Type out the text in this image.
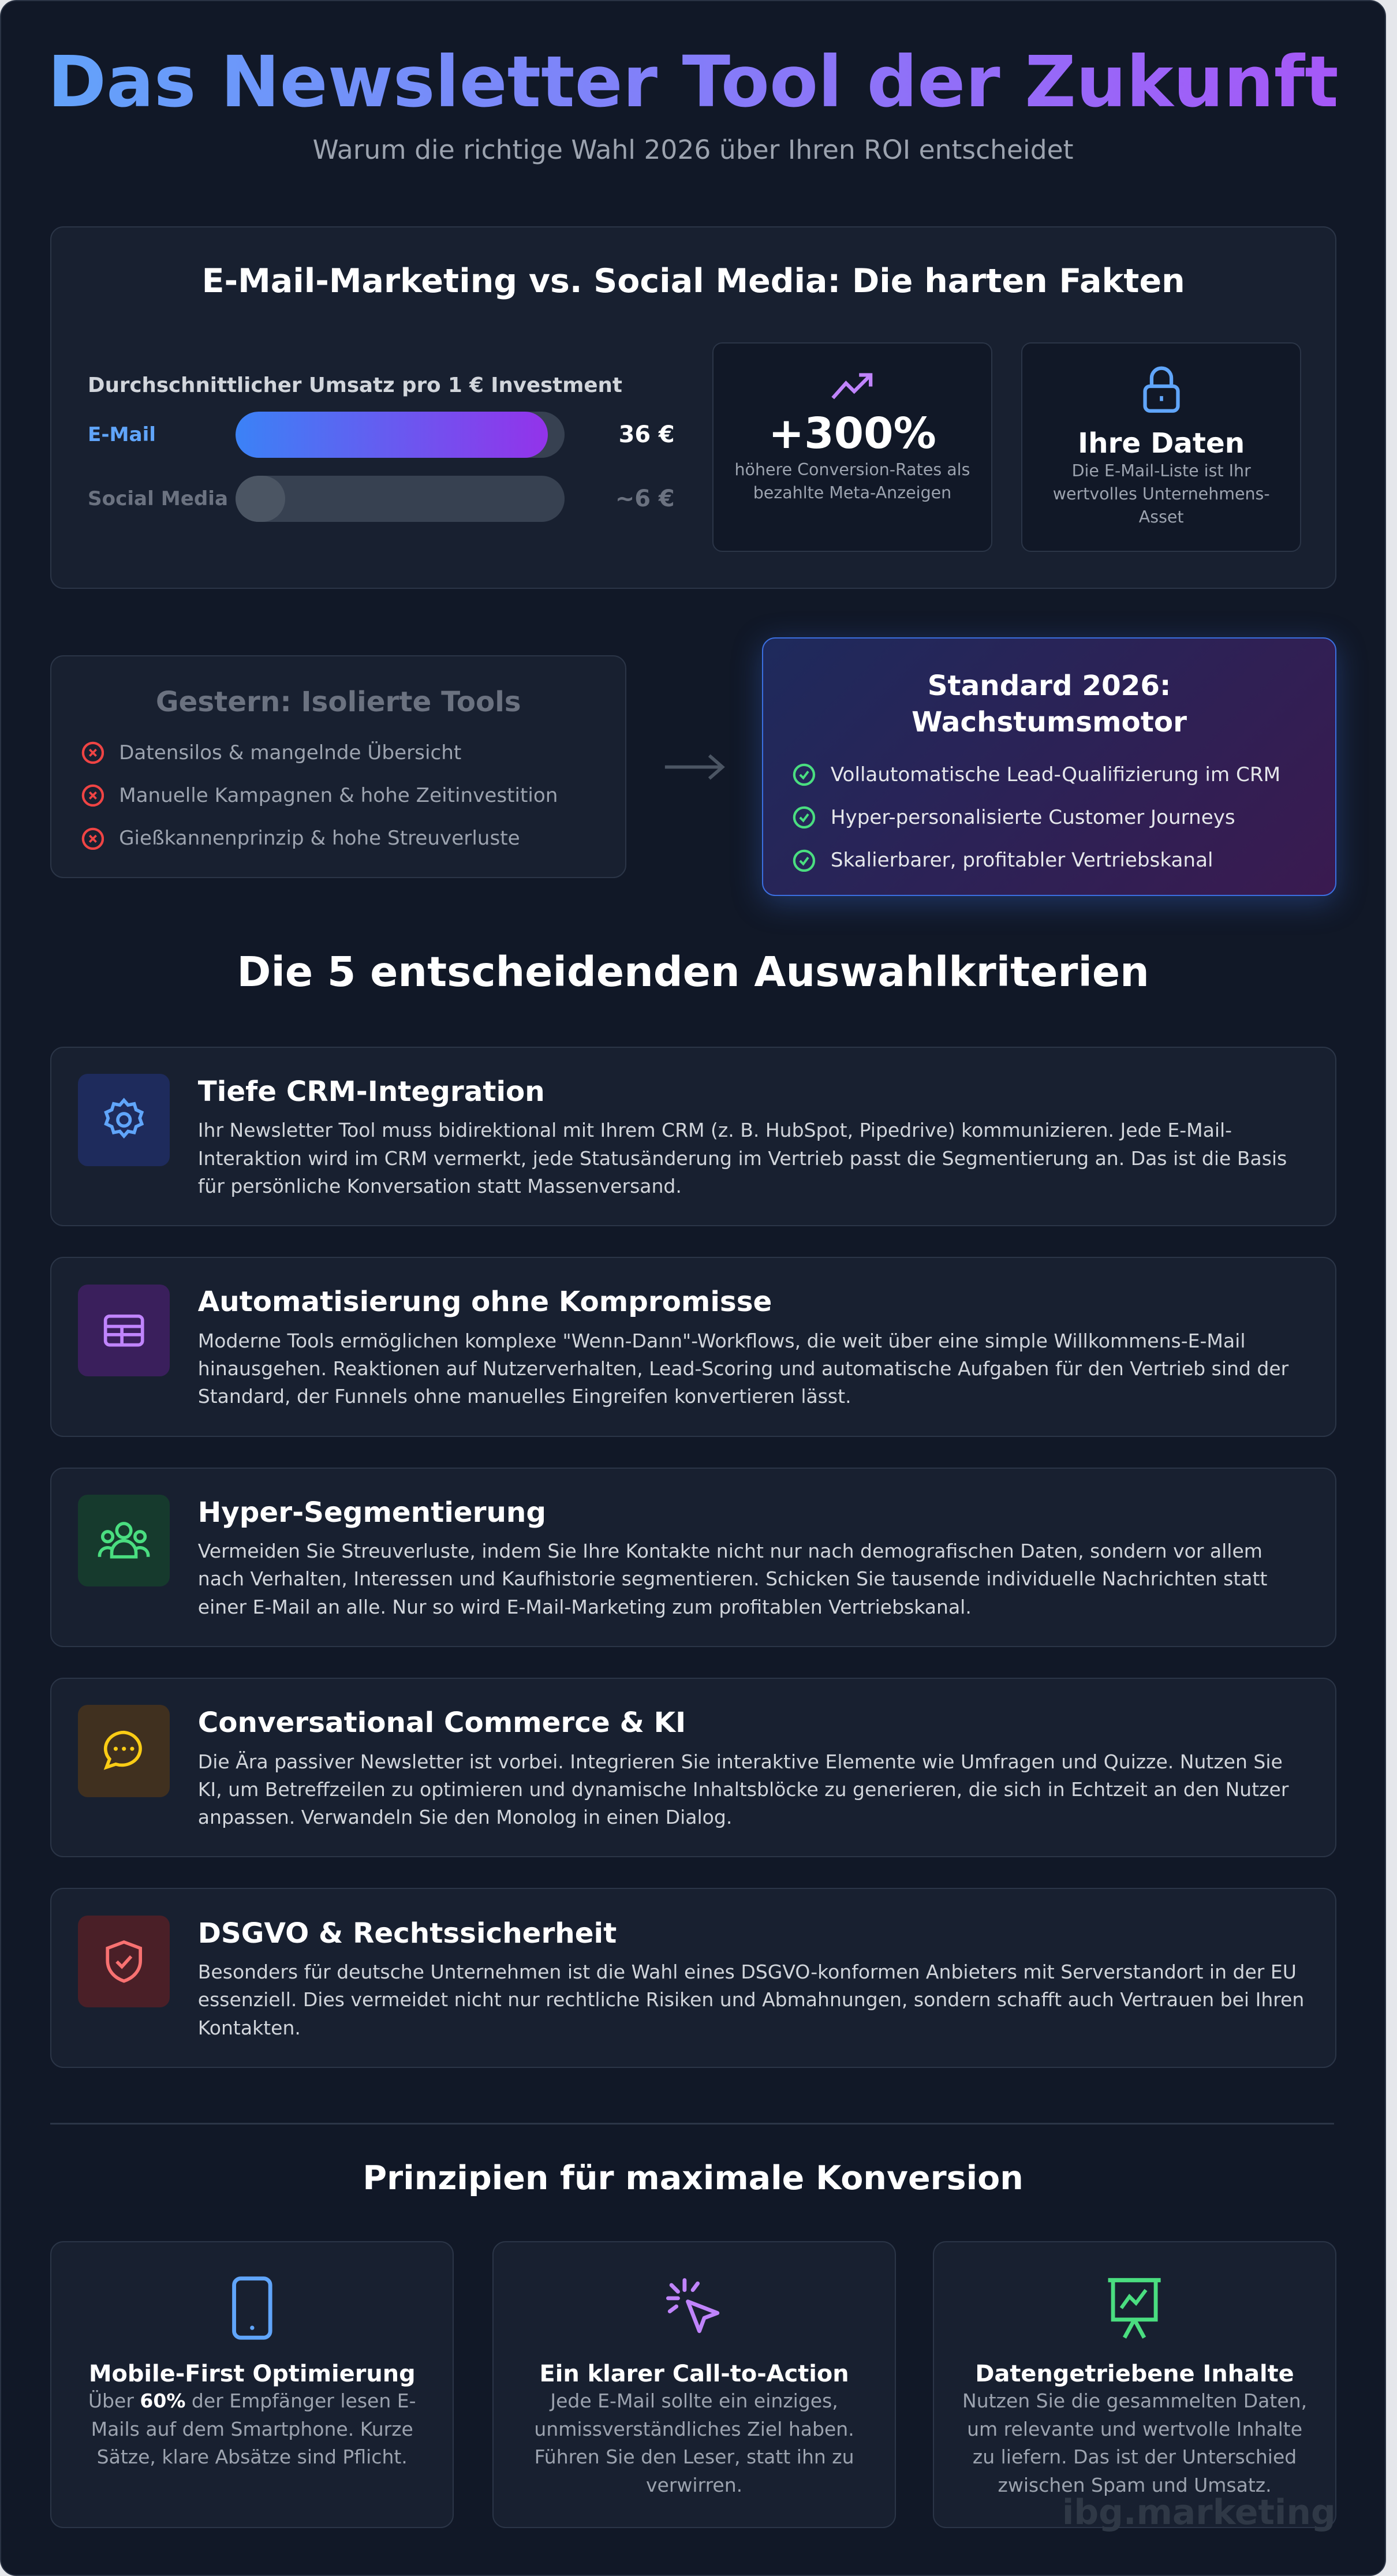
Das Newsletter Tool der Zukunft
Warum die richtige Wahl 2026 über Ihren ROI entscheidet
E-Mail-Marketing vs. Social Media: Die harten Fakten
Durchschnittlicher Umsatz pro 1 € Investment
E-Mail	36 €
Social Media	~6 €
+300%
höhere Conversion-Rates als bezahlte Meta-Anzeigen
Ihre Daten
Die E-Mail-Liste ist Ihr wertvolles Unternehmens-Asset
Gestern: Isolierte Tools
Datensilos & mangelnde Übersicht
Manuelle Kampagnen & hohe Zeitinvestition
Gießkannenprinzip & hohe Streuverluste
Standard 2026: Wachstumsmotor
Vollautomatische Lead-Qualifizierung im CRM
Hyper-personalisierte Customer Journeys
Skalierbarer, profitabler Vertriebskanal
Die 5 entscheidenden Auswahlkriterien
Tiefe CRM-Integration
Ihr Newsletter Tool muss bidirektional mit Ihrem CRM (z. B. HubSpot, Pipedrive) kommunizieren. Jede E-Mail-Interaktion wird im CRM vermerkt, jede Statusänderung im Vertrieb passt die Segmentierung an. Das ist die Basis für persönliche Konversation statt Massenversand.
Automatisierung ohne Kompromisse
Moderne Tools ermöglichen komplexe "Wenn-Dann"-Workflows, die weit über eine simple Willkommens-E-Mail hinausgehen. Reaktionen auf Nutzerverhalten, Lead-Scoring und automatische Aufgaben für den Vertrieb sind der Standard, der Funnels ohne manuelles Eingreifen konvertieren lässt.
Hyper-Segmentierung
Vermeiden Sie Streuverluste, indem Sie Ihre Kontakte nicht nur nach demografischen Daten, sondern vor allem nach Verhalten, Interessen und Kaufhistorie segmentieren. Schicken Sie tausende individuelle Nachrichten statt einer E-Mail an alle. Nur so wird E-Mail-Marketing zum profitablen Vertriebskanal.
Conversational Commerce & KI
Die Ära passiver Newsletter ist vorbei. Integrieren Sie interaktive Elemente wie Umfragen und Quizze. Nutzen Sie KI, um Betreffzeilen zu optimieren und dynamische Inhaltsblöcke zu generieren, die sich in Echtzeit an den Nutzer anpassen. Verwandeln Sie den Monolog in einen Dialog.
DSGVO & Rechtssicherheit
Besonders für deutsche Unternehmen ist die Wahl eines DSGVO-konformen Anbieters mit Serverstandort in der EU essenziell. Dies vermeidet nicht nur rechtliche Risiken und Abmahnungen, sondern schafft auch Vertrauen bei Ihren Kontakten.
Prinzipien für maximale Konversion
Mobile-First Optimierung
Über 60% der Empfänger lesen E-Mails auf dem Smartphone. Kurze Sätze, klare Absätze sind Pflicht.
Ein klarer Call-to-Action
Jede E-Mail sollte ein einziges, unmissverständliches Ziel haben. Führen Sie den Leser, statt ihn zu verwirren.
Datengetriebene Inhalte
Nutzen Sie die gesammelten Daten, um relevante und wertvolle Inhalte zu liefern. Das ist der Unterschied zwischen Spam und Umsatz.
ibg.marketing
